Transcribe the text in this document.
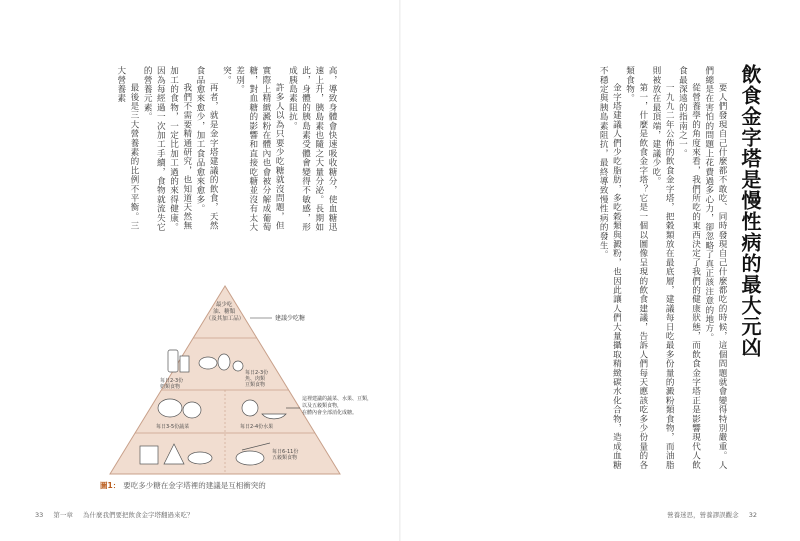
飲食金字塔是慢性病的最大元凶

要人們發現自己什麼都不敢吃、同時發現自己什麼都吃的時候，這個問題就會變得特別嚴重。人們總是在害怕的問題上花費過多心力，卻忽略了真正該注意的地方。

從營養學的角度來看，我們所吃的東西決定了我們的健康狀態，而飲食金字塔正是影響現代人飲食最深遠的指南之一。

一九九二年公佈的飲食金字塔，把穀類放在最底層，建議每日吃最多份量的澱粉類食物，而油脂則被放在最頂端，建議少吃。

第一，什麼是飲食金字塔？它是一個以圖像呈現的飲食建議，告訴人們每天應該吃多少份量的各類食物。

金字塔建議人們少吃脂肪，多吃穀類與澱粉，也因此讓人們大量攝取精緻碳水化合物，造成血糖不穩定與胰島素阻抗，最終導致慢性病的發生。

高，導致身體會快速吸收糖分，使血糖迅速上升，胰島素也隨之大量分泌。長期如此，身體的胰島素受體會變得不敏感，形成胰島素阻抗。

許多人以為只要少吃糖就沒問題，但實際上精緻澱粉在體內也會被分解成葡萄糖，對血糖的影響和直接吃糖並沒有太大差別。

突。

再者，就是金字塔建議的飲食，天然食品愈來愈少，加工食品愈來愈多。

我們不需要精通研究，也知道天然無加工的食物，一定比加工過的來得健康。因為每經過一次加工手續，食物就流失它的營養元素。

最後是三大營養素的比例不平衡。三大營養素

最少吃 油、糖類 （及其加工品）	建議少吃糖
每日2-3份奶類食物
每日2-3份魚、肉類豆類食物
每日3-5份蔬菜	每日2-4份水果
這裡建議的蔬菜、水果、豆類， 以及五穀類食物， 在體內會全部消化成糖。
每日6-11份五穀類食物
圖1： 要吃多少糖在金字塔裡的建議是互相衝突的
33 第一章 為什麼我們要把飲食金字塔翻過來吃？	營養迷思，營養謬誤觀念 32
